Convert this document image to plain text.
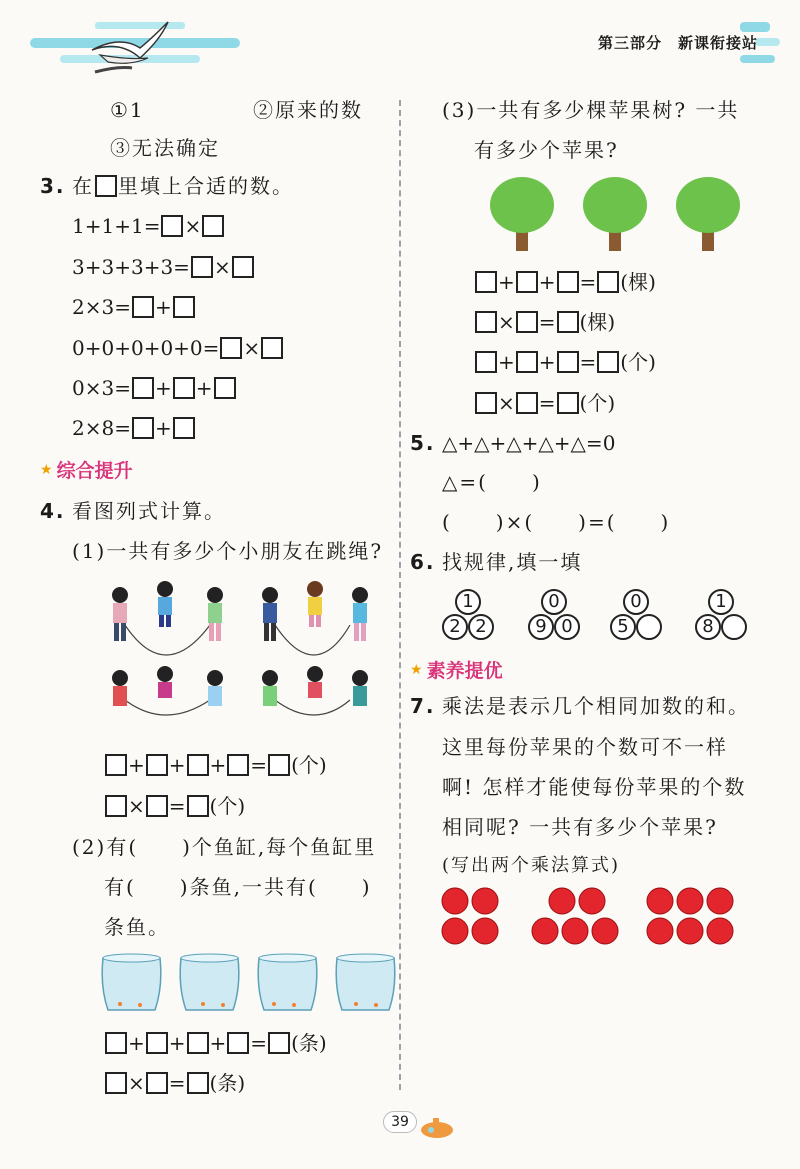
第三部分　新课衔接站
①1	②原来的数
③无法确定
3. 在 里填上合适的数。
1+1+1= ×
3+3+3+3= ×
2×3= +
0+0+0+0+0= ×
0×3= + +
2×8= +
★ 综合提升
4. 看图列式计算。
(1)一共有多少个小朋友在跳绳?
+ + + = (个)
× = (个)
(2)有(　　)个鱼缸,每个鱼缸里
有(　　)条鱼,一共有(　　)
条鱼。
+ + + = (条)
× = (条)
(3)一共有多少棵苹果树? 一共
有多少个苹果?
+ + = (棵)
× = (棵)
+ + = (个)
× = (个)
5. △+△+△+△+△=0
△=(　　)
(　　)×(　　)=(　　)
6. 找规律,填一填
1
2 2
0
9 0
0
5
1
8
★ 素养提优
7. 乘法是表示几个相同加数的和。
这里每份苹果的个数可不一样
啊! 怎样才能使每份苹果的个数
相同呢? 一共有多少个苹果?
(写出两个乘法算式)
39
